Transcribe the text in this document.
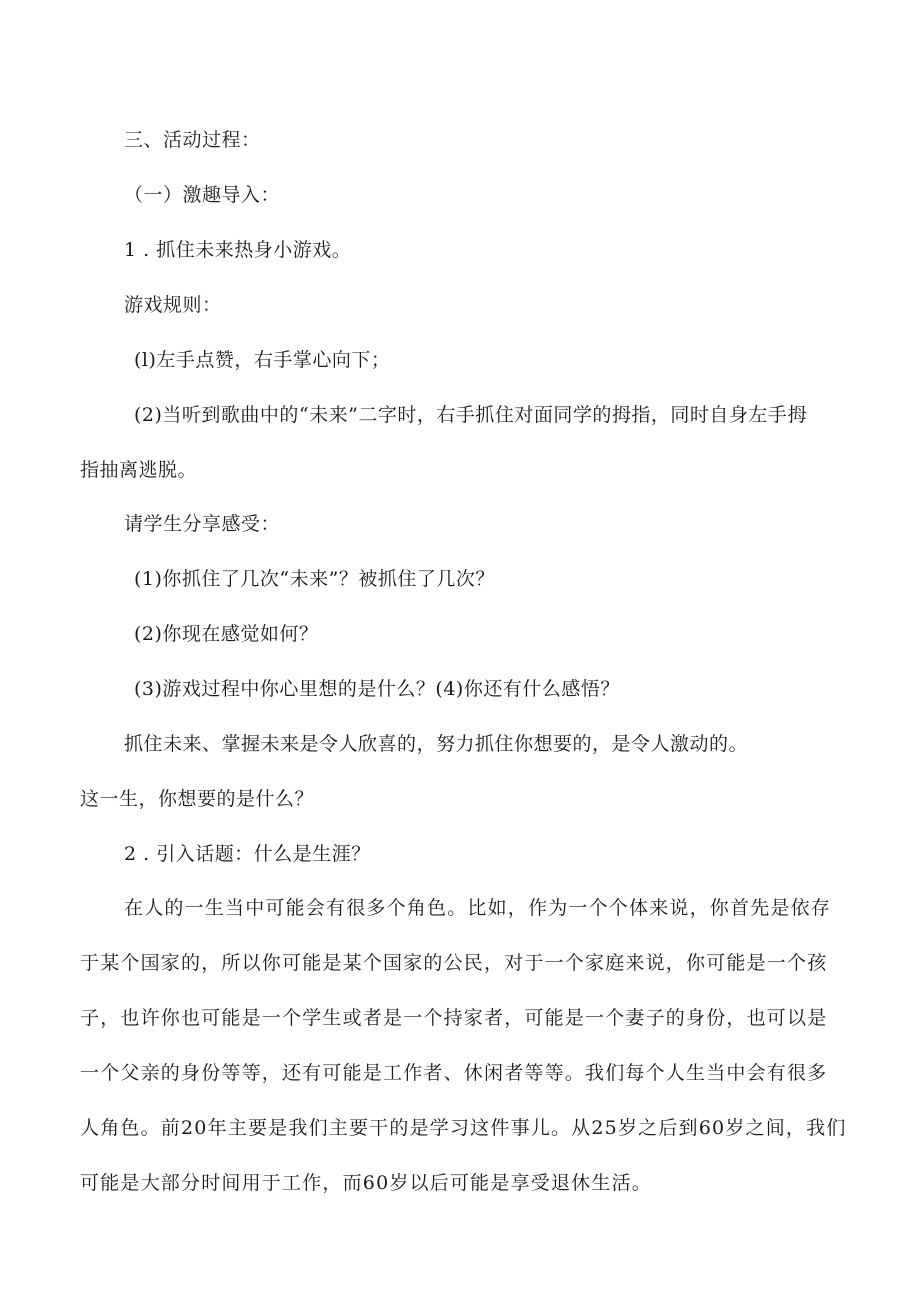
三、活动过程：
（一）激趣导入：
1 . 抓住未来热身小游戏。
游戏规则：
(l)左手点赞，右手掌心向下；
(2)当听到歌曲中的“未来”二字时，右手抓住对面同学的拇指，同时自身左手拇
指抽离逃脱。
请学生分享感受：
(1)你抓住了几次“未来”？被抓住了几次？
(2)你现在感觉如何？
(3)游戏过程中你心里想的是什么？(4)你还有什么感悟？
抓住未来、掌握未来是令人欣喜的，努力抓住你想要的，是令人激动的。
这一生，你想要的是什么？
2 . 引入话题：什么是生涯？
在人的一生当中可能会有很多个角色。比如，作为一个个体来说，你首先是依存
于某个国家的，所以你可能是某个国家的公民，对于一个家庭来说，你可能是一个孩
子，也许你也可能是一个学生或者是一个持家者，可能是一个妻子的身份，也可以是
一个父亲的身份等等，还有可能是工作者、休闲者等等。我们每个人生当中会有很多
人角色。前20年主要是我们主要干的是学习这件事儿。从25岁之后到60岁之间，我们
可能是大部分时间用于工作，而60岁以后可能是享受退休生活。
